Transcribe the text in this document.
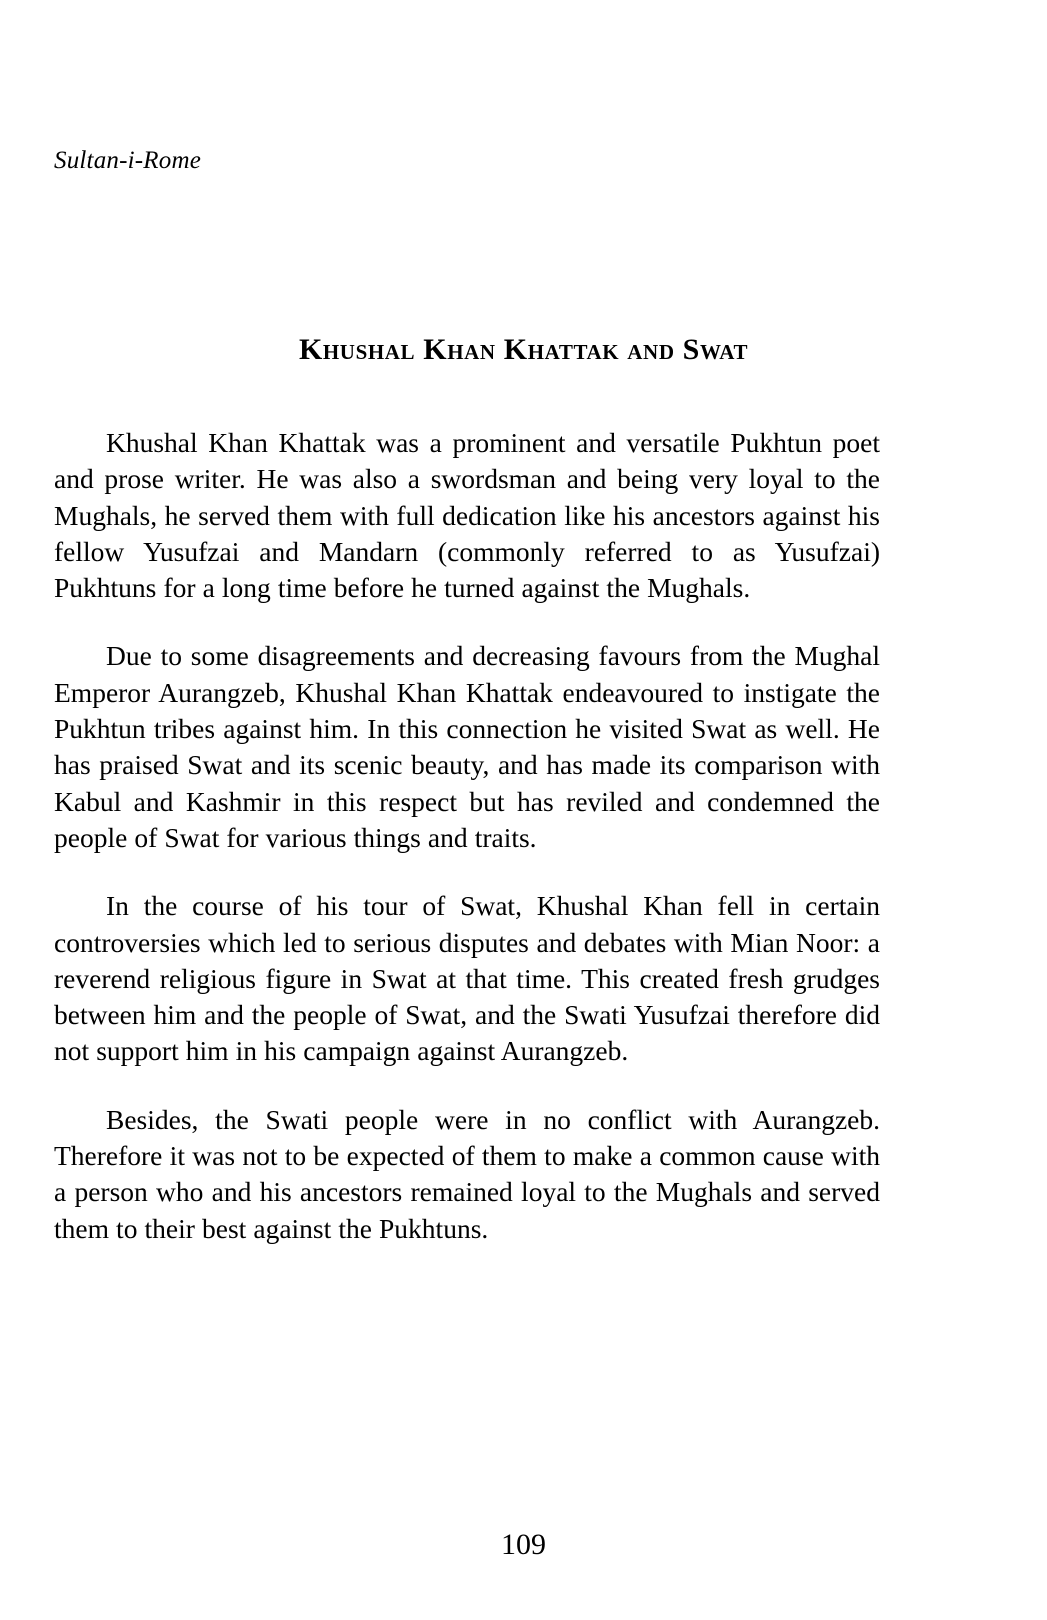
Sultan-i-Rome
Khushal Khan Khattak and Swat

Khushal Khan Khattak was a prominent and versatile Pukhtun poet and prose writer. He was also a swordsman and being very loyal to the Mughals, he served them with full dedication like his ancestors against his fellow Yusufzai and Mandarn (commonly referred to as Yusufzai) Pukhtuns for a long time before he turned against the Mughals.

Due to some disagreements and decreasing favours from the Mughal Emperor Aurangzeb, Khushal Khan Khattak endeavoured to instigate the Pukhtun tribes against him. In this connection he visited Swat as well. He has praised Swat and its scenic beauty, and has made its comparison with Kabul and Kashmir in this respect but has reviled and condemned the people of Swat for various things and traits.

In the course of his tour of Swat, Khushal Khan fell in certain controversies which led to serious disputes and debates with Mian Noor: a reverend religious figure in Swat at that time. This created fresh grudges between him and the people of Swat, and the Swati Yusufzai therefore did not support him in his campaign against Aurangzeb.

Besides, the Swati people were in no conflict with Aurangzeb. Therefore it was not to be expected of them to make a common cause with a person who and his ancestors remained loyal to the Mughals and served them to their best against the Pukhtuns.

109
